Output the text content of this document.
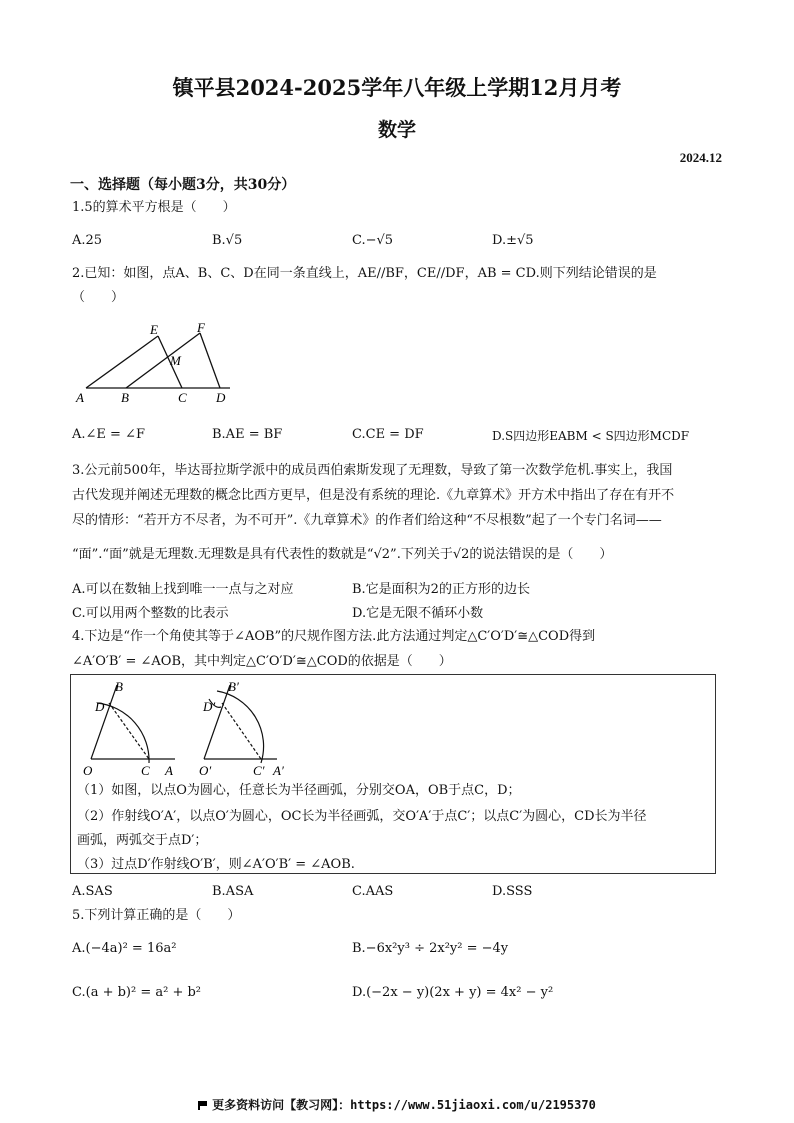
镇平县2024-2025学年八年级上学期12月月考
数学
2024.12
一、选择题（每小题3分，共30分）
1.5的算术平方根是（　　）
A.25	B.√5	C.−√5	D.±√5
2.已知：如图，点A、B、C、D在同一条直线上，AE//BF，CE//DF，AB = CD.则下列结论错误的是
（　　）
E	F
M
A	B	C D
A.∠E = ∠F	B.AE = BF	C.CE = DF	D.S四边形EABM < S四边形MCDF
3.公元前500年，毕达哥拉斯学派中的成员西伯索斯发现了无理数，导致了第一次数学危机.事实上，我国
古代发现并阐述无理数的概念比西方更早，但是没有系统的理论.《九章算术》开方术中指出了存在有开不
尽的情形：“若开方不尽者，为不可开”.《九章算术》的作者们给这种“不尽根数”起了一个专门名词——
“面”.“面”就是无理数.无理数是具有代表性的数就是“√2”.下列关于√2的说法错误的是（　　）
A.可以在数轴上找到唯一一点与之对应	B.它是面积为2的正方形的边长
C.可以用两个整数的比表示	D.它是无限不循环小数
4.下边是“作一个角使其等于∠AOB”的尺规作图方法.此方法通过判定△C′O′D′≅△COD得到
∠A′O′B′ = ∠AOB，其中判定△C′O′D′≅△COD的依据是（　　）
B
D
O	C A
B′
D′
O′	C′ A′
（1）如图，以点O为圆心，任意长为半径画弧，分别交OA，OB于点C，D；
（2）作射线O′A′，以点O′为圆心，OC长为半径画弧，交O′A′于点C′；以点C′为圆心，CD长为半径
画弧，两弧交于点D′；
（3）过点D′作射线O′B′，则∠A′O′B′ = ∠AOB.
A.SAS	B.ASA	C.AAS	D.SSS
5.下列计算正确的是（　　）
A.(−4a)² = 16a²	B.−6x²y³ ÷ 2x²y² = −4y
C.(a + b)² = a² + b²	D.(−2x − y)(2x + y) = 4x² − y²
更多资料访问【教习网】：https://www.51jiaoxi.com/u/2195370
